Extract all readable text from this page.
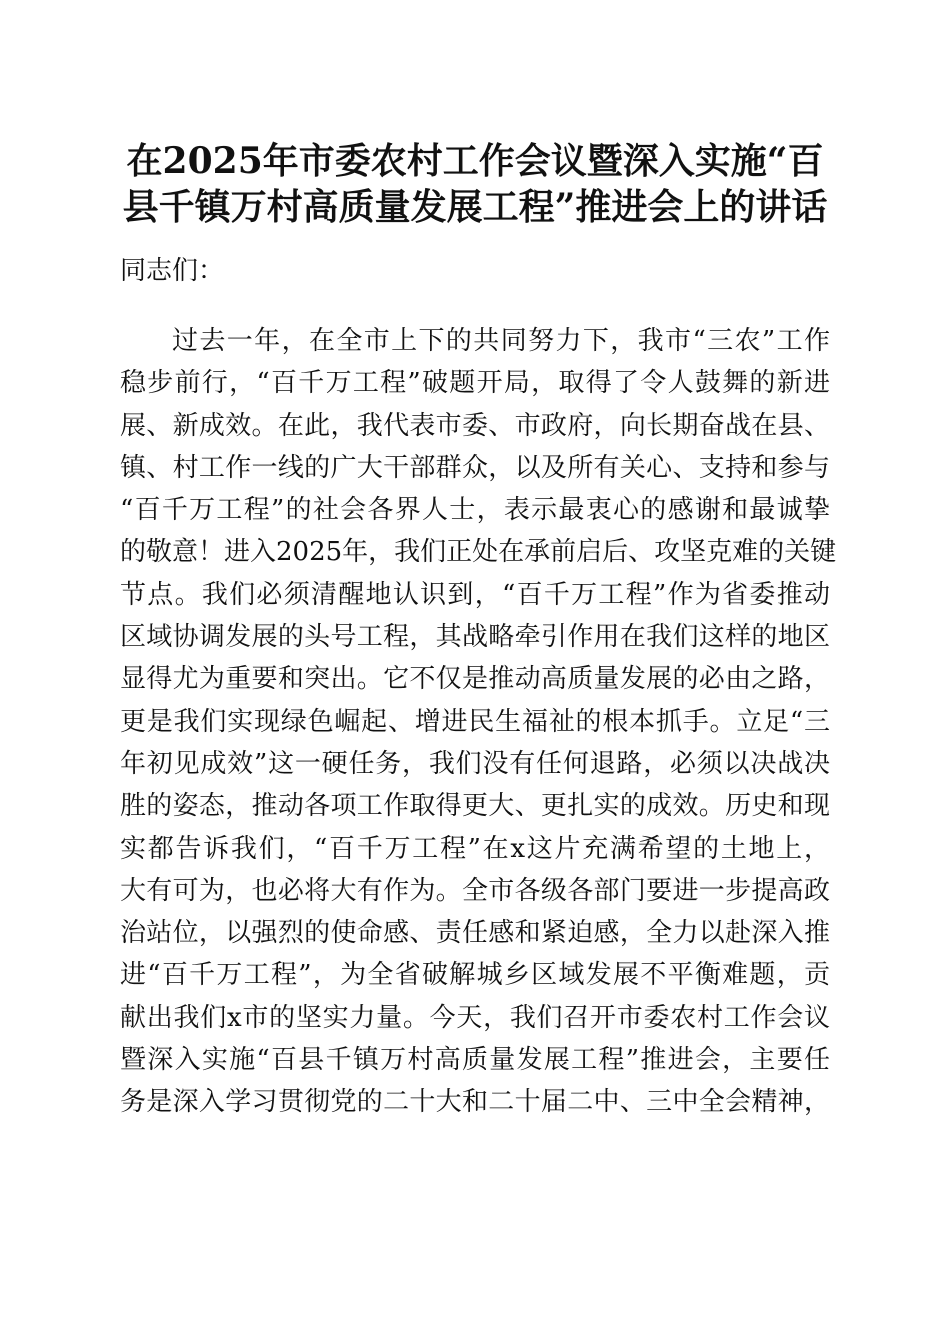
在2025年市委农村工作会议暨深入实施“百
县千镇万村高质量发展工程”推进会上的讲话

同志们：

过去一年，在全市上下的共同努力下，我市“三农”工作
稳步前行，“百千万工程”破题开局，取得了令人鼓舞的新进
展、新成效。在此，我代表市委、市政府，向长期奋战在县、
镇、村工作一线的广大干部群众，以及所有关心、支持和参与
“百千万工程”的社会各界人士，表示最衷心的感谢和最诚挚
的敬意！进入2025年，我们正处在承前启后、攻坚克难的关键
节点。我们必须清醒地认识到，“百千万工程”作为省委推动
区域协调发展的头号工程，其战略牵引作用在我们这样的地区
显得尤为重要和突出。它不仅是推动高质量发展的必由之路，
更是我们实现绿色崛起、增进民生福祉的根本抓手。立足“三
年初见成效”这一硬任务，我们没有任何退路，必须以决战决
胜的姿态，推动各项工作取得更大、更扎实的成效。历史和现
实都告诉我们，“百千万工程”在x这片充满希望的土地上，
大有可为，也必将大有作为。全市各级各部门要进一步提高政
治站位，以强烈的使命感、责任感和紧迫感，全力以赴深入推
进“百千万工程”，为全省破解城乡区域发展不平衡难题，贡
献出我们x市的坚实力量。今天，我们召开市委农村工作会议
暨深入实施“百县千镇万村高质量发展工程”推进会，主要任
务是深入学习贯彻党的二十大和二十届二中、三中全会精神，
